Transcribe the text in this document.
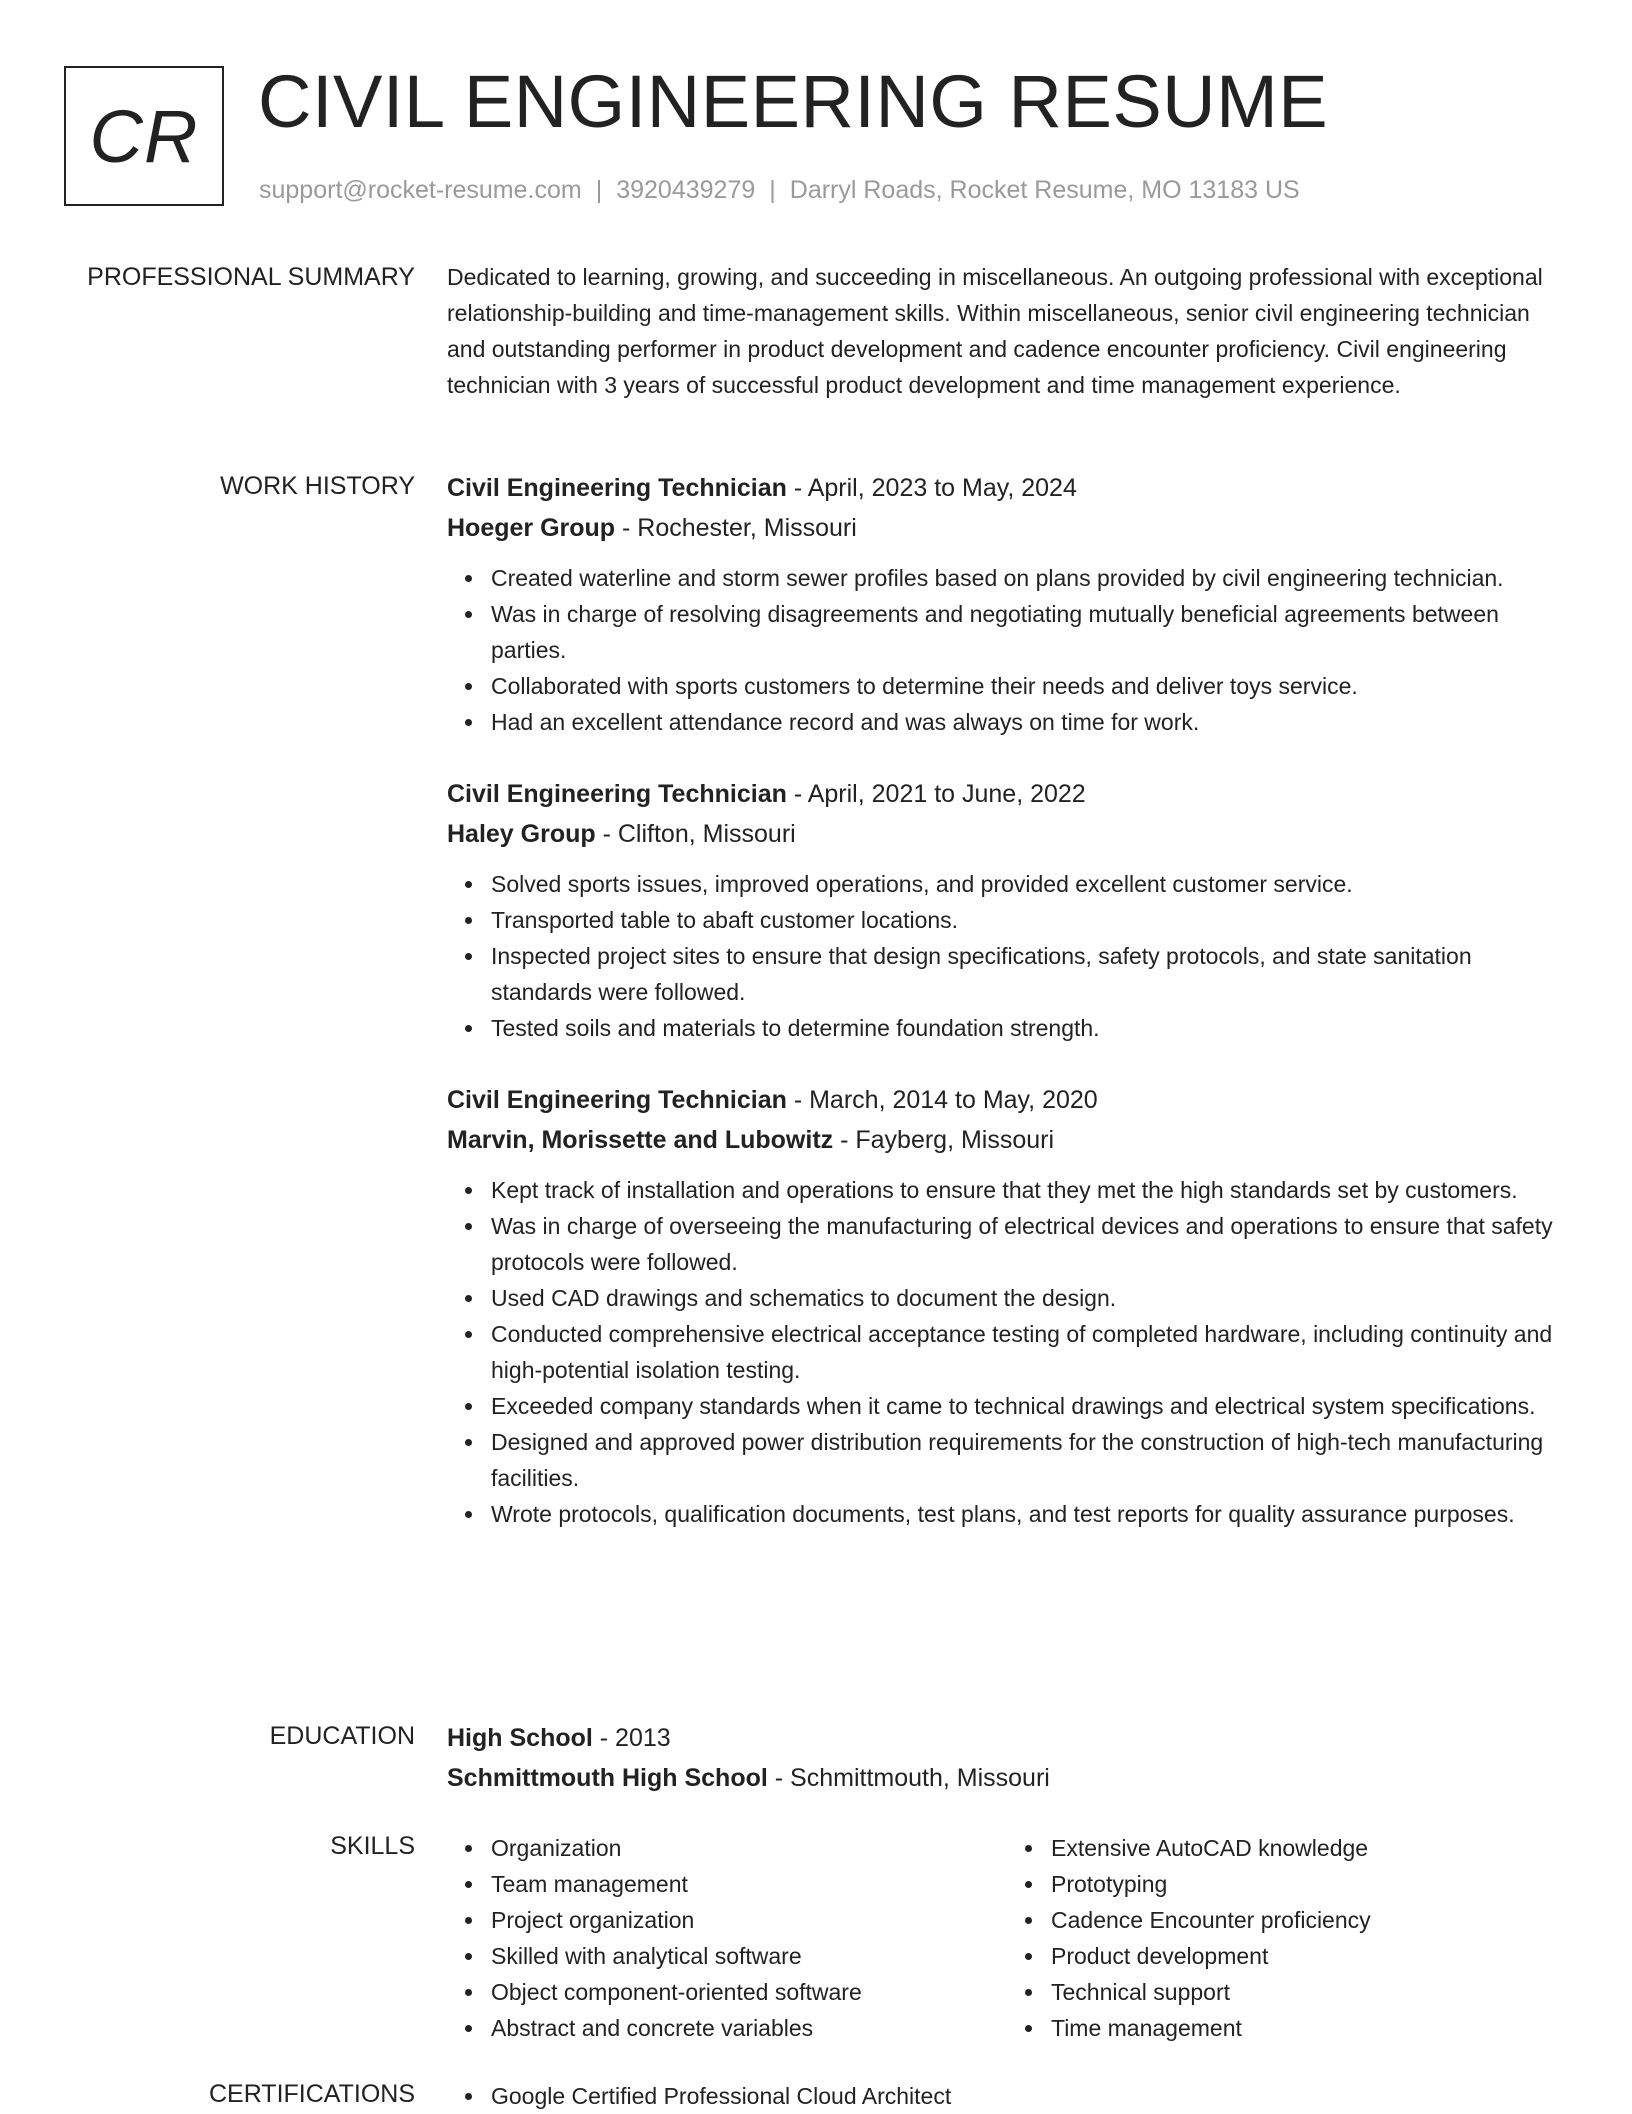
CR CIVIL ENGINEERING RESUME
support@rocket-resume.com | 3920439279 | Darryl Roads, Rocket Resume, MO 13183 US
PROFESSIONAL SUMMARY Dedicated to learning, growing, and succeeding in miscellaneous. An outgoing professional with exceptional relationship-building and time-management skills. Within miscellaneous, senior civil engineering technician and outstanding performer in product development and cadence encounter proficiency. Civil engineering technician with 3 years of successful product development and time management experience.

WORK HISTORY Civil Engineering Technician - April, 2023 to May, 2024
Hoeger Group - Rochester, Missouri
Created waterline and storm sewer profiles based on plans provided by civil engineering technician.
Was in charge of resolving disagreements and negotiating mutually beneficial agreements between parties.
Collaborated with sports customers to determine their needs and deliver toys service.
Had an excellent attendance record and was always on time for work.
Civil Engineering Technician - April, 2021 to June, 2022
Haley Group - Clifton, Missouri
Solved sports issues, improved operations, and provided excellent customer service.
Transported table to abaft customer locations.
Inspected project sites to ensure that design specifications, safety protocols, and state sanitation standards were followed.
Tested soils and materials to determine foundation strength.
Civil Engineering Technician - March, 2014 to May, 2020
Marvin, Morissette and Lubowitz - Fayberg, Missouri
Kept track of installation and operations to ensure that they met the high standards set by customers.
Was in charge of overseeing the manufacturing of electrical devices and operations to ensure that safety protocols were followed.
Used CAD drawings and schematics to document the design.
Conducted comprehensive electrical acceptance testing of completed hardware, including continuity and high-potential isolation testing.
Exceeded company standards when it came to technical drawings and electrical system specifications.
Designed and approved power distribution requirements for the construction of high-tech manufacturing facilities.
Wrote protocols, qualification documents, test plans, and test reports for quality assurance purposes.
EDUCATION High School - 2013
Schmittmouth High School - Schmittmouth, Missouri
SKILLS	Organization
Team management
Project organization
Skilled with analytical software
Object component-oriented software
Abstract and concrete variables
Extensive AutoCAD knowledge
Prototyping
Cadence Encounter proficiency
Product development
Technical support
Time management
CERTIFICATIONS	Google Certified Professional Cloud Architect
